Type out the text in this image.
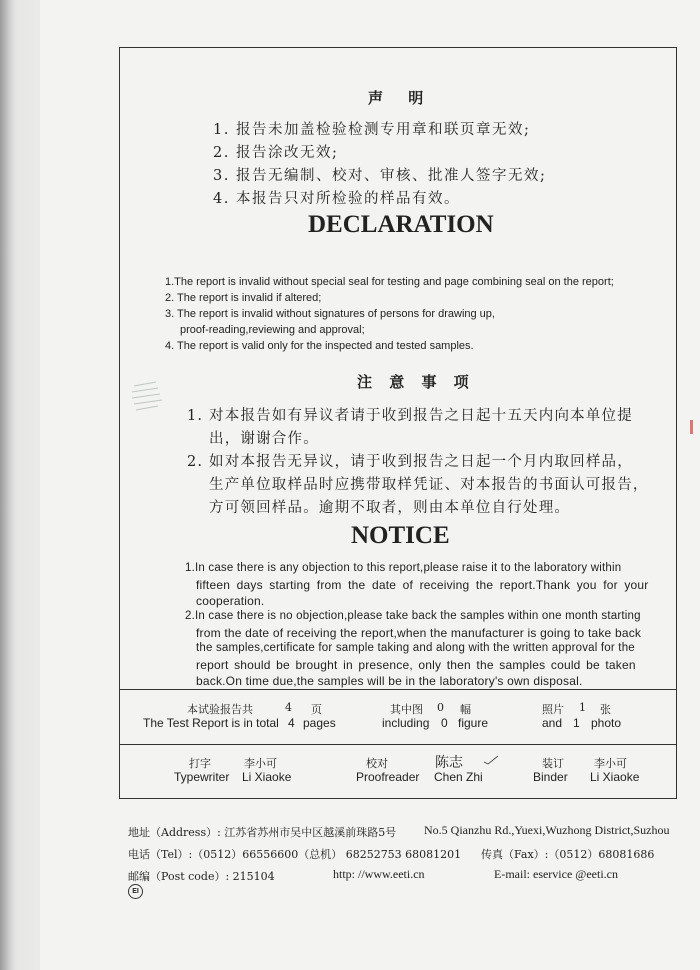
声 明
1. 报告未加盖检验检测专用章和联页章无效;
2. 报告涂改无效;
3. 报告无编制、校对、审核、批准人签字无效;
4. 本报告只对所检验的样品有效。
DECLARATION
1.The report is invalid without special seal for testing and page combining seal on the report;
2. The report is invalid if altered;
3. The report is invalid without signatures of persons for drawing up,
proof-reading,reviewing and approval;
4. The report is valid only for the inspected and tested samples.
注 意 事 项
1. 对本报告如有异议者请于收到报告之日起十五天内向本单位提
出，谢谢合作。
2. 如对本报告无异议，请于收到报告之日起一个月内取回样品，
生产单位取样品时应携带取样凭证、对本报告的书面认可报告，
方可领回样品。逾期不取者，则由本单位自行处理。
NOTICE
1.In case there is any objection to this report,please raise it to the laboratory within
fifteen days starting from the date of receiving the report.Thank you for your
cooperation.
2.In case there is no objection,please take back the samples within one month starting
from the date of receiving the report,when the manufacturer is going to take back
the samples,certificate for sample taking and along with the written approval for the
report should be brought in presence, only then the samples could be taken
back.On time due,the samples will be in the laboratory's own disposal.
本试验报告共	4 页	其中图 0 幅	照片 1 张
The Test Report is in total 4 pages	including 0 figure	and 1 photo
打字	李小可	校对	陈志	装订	李小可
Typewriter Li Xiaoke	Proofreader Chen Zhi	Binder Li Xiaoke
地址（Address）: 江苏省苏州市吴中区越溪前珠路5号 No.5 Qianzhu Rd.,Yuexi,Wuzhong District,Suzhou
电话（Tel）:（0512）66556600（总机） 68252753 68081201 传真（Fax）:（0512）68081686
邮编（Post code）: 215104	http: //www.eeti.cn	E-mail: eservice @eeti.cn
EI
